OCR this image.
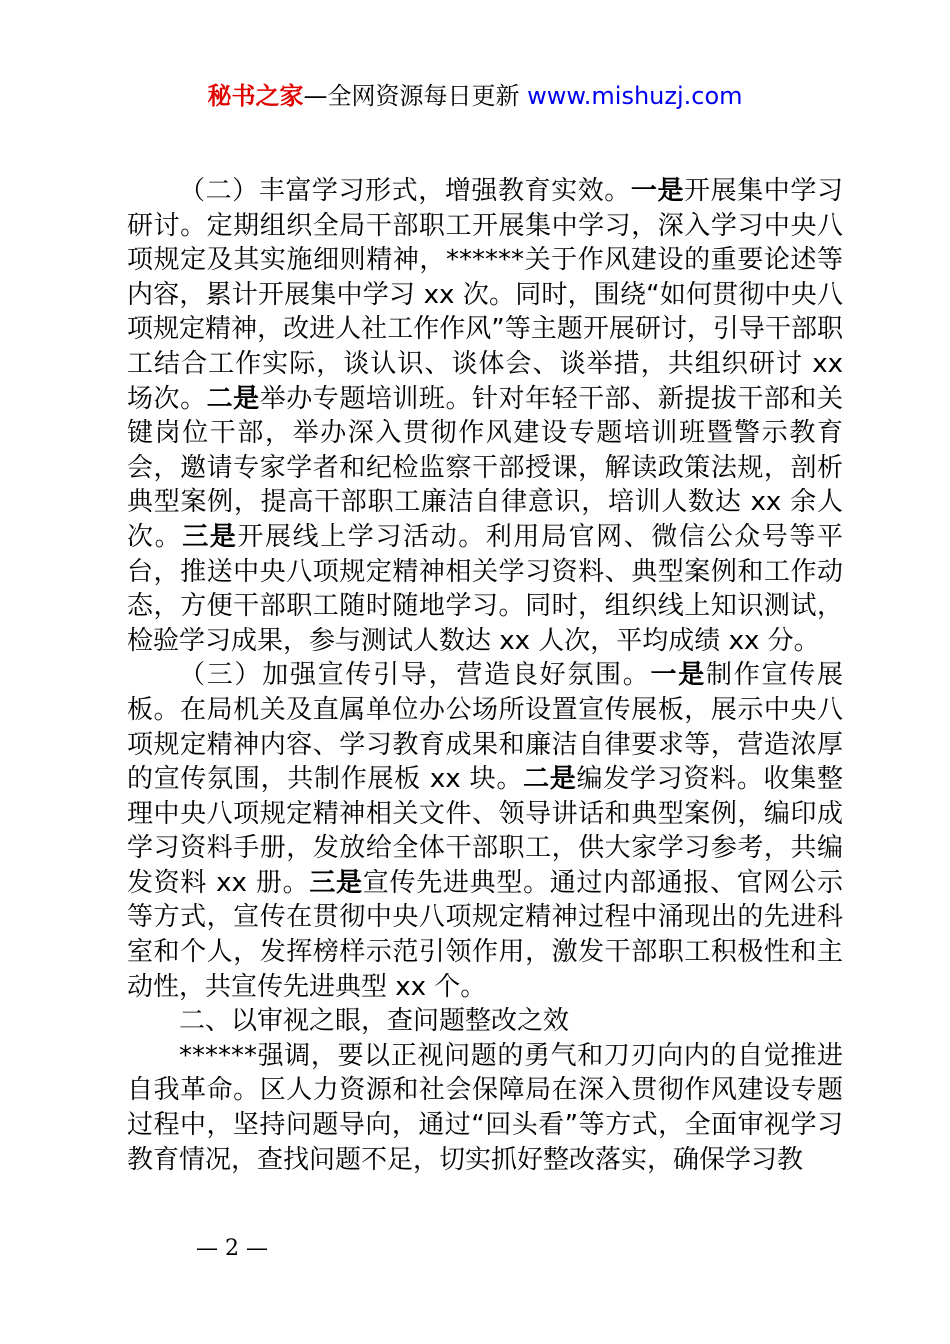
秘书之家—全网资源每日更新 www.mishuzj.com

（二）丰富学习形式，增强教育实效。一是开展集中学习研讨。定期组织全局干部职工开展集中学习，深入学习中央八项规定及其实施细则精神，******关于作风建设的重要论述等内容，累计开展集中学习 xx 次。同时，围绕“如何贯彻中央八项规定精神，改进人社工作作风”等主题开展研讨，引导干部职工结合工作实际，谈认识、谈体会、谈举措，共组织研讨 xx 场次。二是举办专题培训班。针对年轻干部、新提拔干部和关键岗位干部，举办深入贯彻作风建设专题培训班暨警示教育会，邀请专家学者和纪检监察干部授课，解读政策法规，剖析典型案例，提高干部职工廉洁自律意识，培训人数达 xx 余人次。三是开展线上学习活动。利用局官网、微信公众号等平台，推送中央八项规定精神相关学习资料、典型案例和工作动态，方便干部职工随时随地学习。同时，组织线上知识测试，检验学习成果，参与测试人数达 xx 人次，平均成绩 xx 分。

（三）加强宣传引导，营造良好氛围。一是制作宣传展板。在局机关及直属单位办公场所设置宣传展板，展示中央八项规定精神内容、学习教育成果和廉洁自律要求等，营造浓厚的宣传氛围，共制作展板 xx 块。二是编发学习资料。收集整理中央八项规定精神相关文件、领导讲话和典型案例，编印成学习资料手册，发放给全体干部职工，供大家学习参考，共编发资料 xx 册。三是宣传先进典型。通过内部通报、官网公示等方式，宣传在贯彻中央八项规定精神过程中涌现出的先进科室和个人，发挥榜样示范引领作用，激发干部职工积极性和主动性，共宣传先进典型 xx 个。

二、以审视之眼，查问题整改之效

******强调，要以正视问题的勇气和刀刃向内的自觉推进自我革命。区人力资源和社会保障局在深入贯彻作风建设专题过程中，坚持问题导向，通过“回头看”等方式，全面审视学习教育情况，查找问题不足，切实抓好整改落实，确保学习教

— 2 —
